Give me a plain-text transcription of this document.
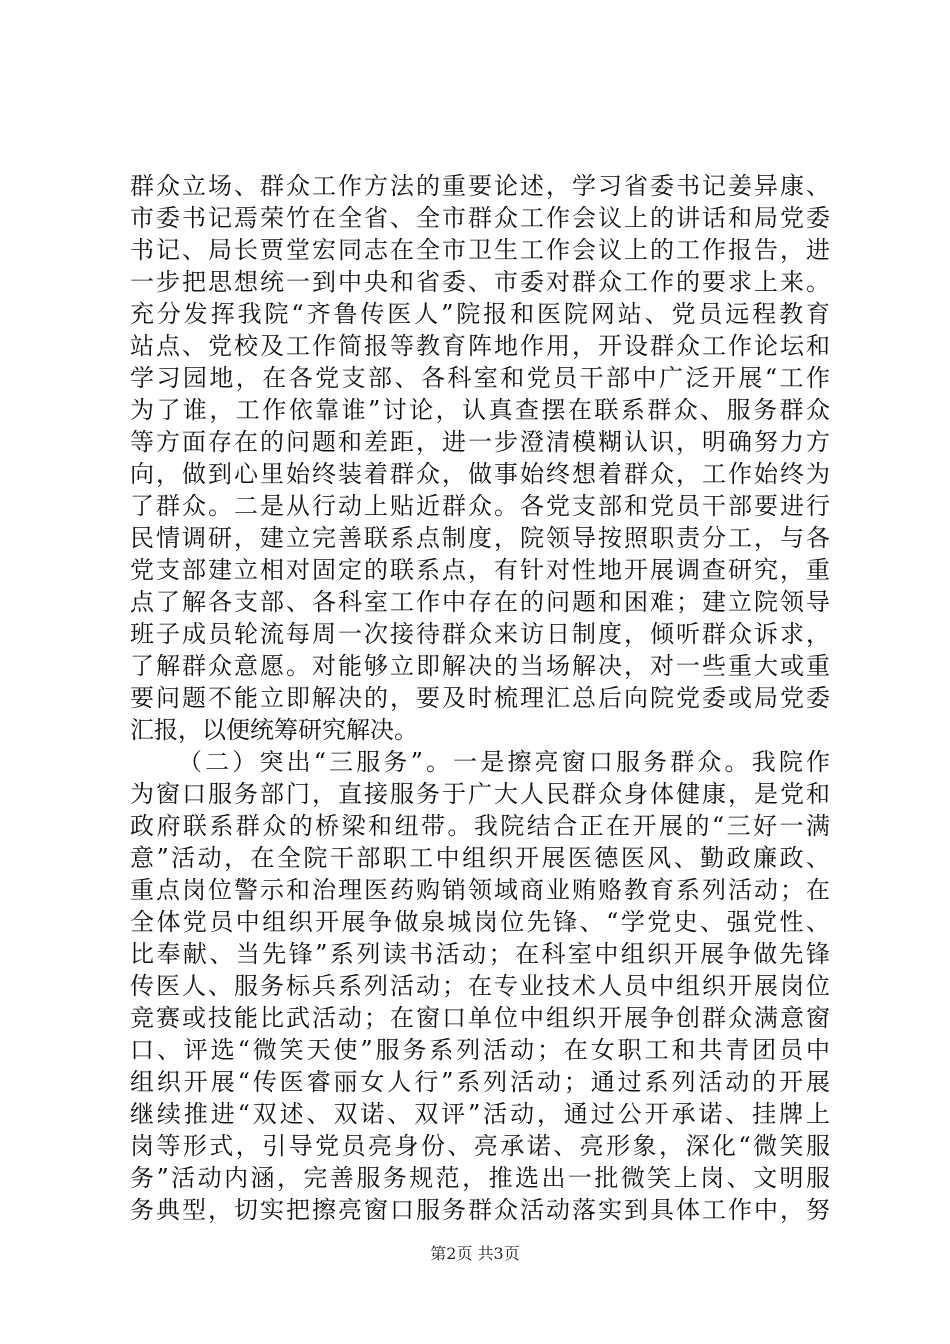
群众立场、群众工作方法的重要论述，学习省委书记姜异康、
市委书记焉荣竹在全省、全市群众工作会议上的讲话和局党委
书记、局长贾堂宏同志在全市卫生工作会议上的工作报告，进
一步把思想统一到中央和省委、市委对群众工作的要求上来。
充分发挥我院“齐鲁传医人”院报和医院网站、党员远程教育
站点、党校及工作简报等教育阵地作用，开设群众工作论坛和
学习园地，在各党支部、各科室和党员干部中广泛开展“工作
为了谁，工作依靠谁”讨论，认真查摆在联系群众、服务群众
等方面存在的问题和差距，进一步澄清模糊认识，明确努力方
向，做到心里始终装着群众，做事始终想着群众，工作始终为
了群众。二是从行动上贴近群众。各党支部和党员干部要进行
民情调研，建立完善联系点制度，院领导按照职责分工，与各
党支部建立相对固定的联系点，有针对性地开展调查研究，重
点了解各支部、各科室工作中存在的问题和困难；建立院领导
班子成员轮流每周一次接待群众来访日制度，倾听群众诉求，
了解群众意愿。对能够立即解决的当场解决，对一些重大或重
要问题不能立即解决的，要及时梳理汇总后向院党委或局党委
汇报，以便统筹研究解决。
（二）突出“三服务”。一是擦亮窗口服务群众。我院作
为窗口服务部门，直接服务于广大人民群众身体健康，是党和
政府联系群众的桥梁和纽带。我院结合正在开展的“三好一满
意”活动，在全院干部职工中组织开展医德医风、勤政廉政、
重点岗位警示和治理医药购销领域商业贿赂教育系列活动；在
全体党员中组织开展争做泉城岗位先锋、“学党史、强党性、
比奉献、当先锋”系列读书活动；在科室中组织开展争做先锋
传医人、服务标兵系列活动；在专业技术人员中组织开展岗位
竞赛或技能比武活动；在窗口单位中组织开展争创群众满意窗
口、评选“微笑天使”服务系列活动；在女职工和共青团员中
组织开展“传医睿丽女人行”系列活动；通过系列活动的开展
继续推进“双述、双诺、双评”活动，通过公开承诺、挂牌上
岗等形式，引导党员亮身份、亮承诺、亮形象，深化“微笑服
务”活动内涵，完善服务规范，推选出一批微笑上岗、文明服
务典型，切实把擦亮窗口服务群众活动落实到具体工作中，努
第2页 共3页
